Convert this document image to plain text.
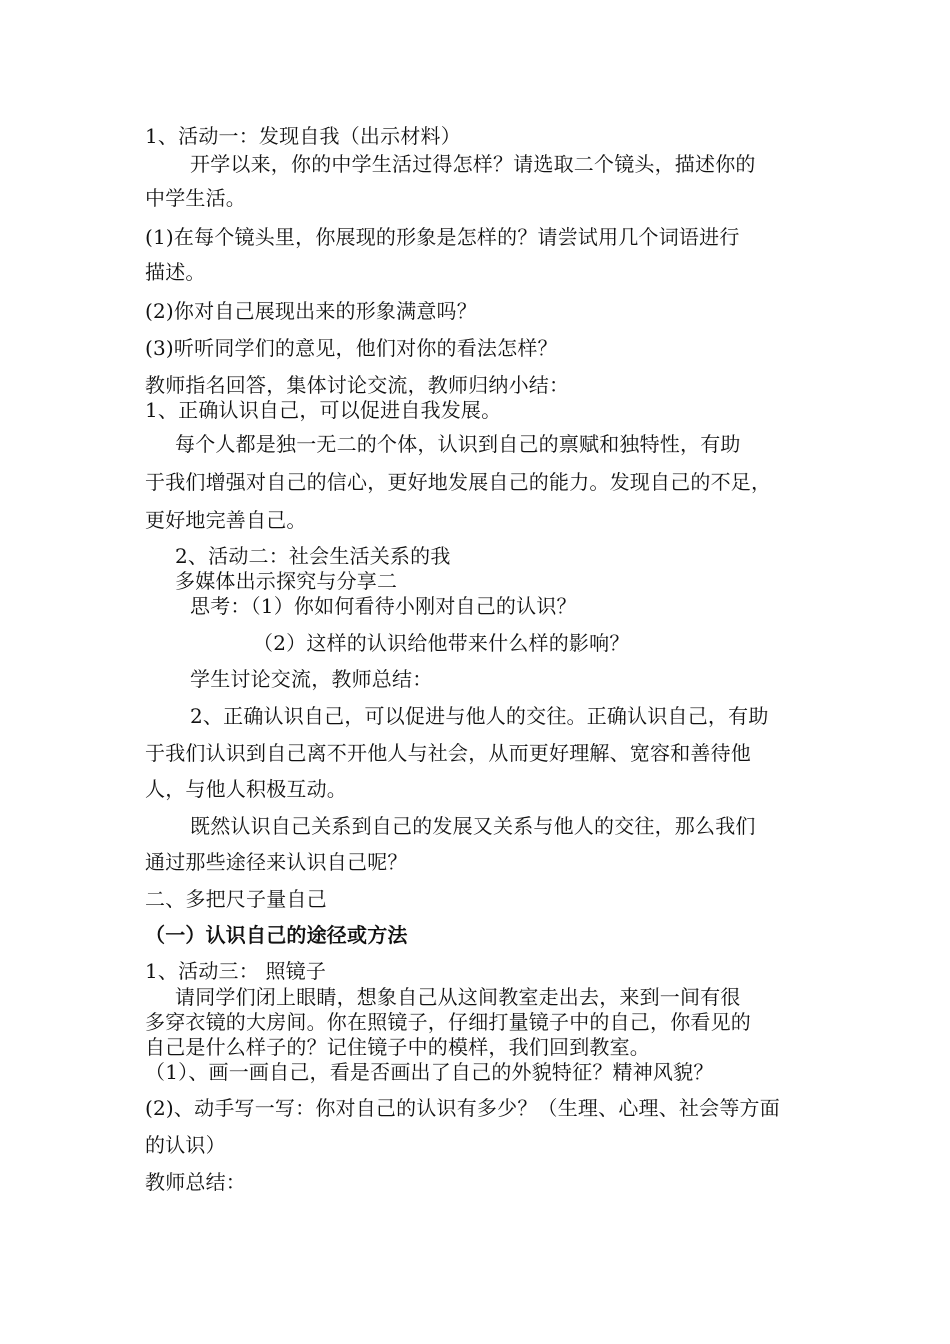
1、活动一：发现自我（出示材料）
开学以来，你的中学生活过得怎样？请选取二个镜头，描述你的
中学生活。
(1)在每个镜头里，你展现的形象是怎样的？请尝试用几个词语进行
描述。
(2)你对自己展现出来的形象满意吗？
(3)听听同学们的意见，他们对你的看法怎样？
教师指名回答，集体讨论交流，教师归纳小结：
1、正确认识自己，可以促进自我发展。
每个人都是独一无二的个体，认识到自己的禀赋和独特性，有助
于我们增强对自己的信心，更好地发展自己的能力。发现自己的不足，
更好地完善自己。
2、活动二：社会生活关系的我
多媒体出示探究与分享二
思考：（1）你如何看待小刚对自己的认识？
（2）这样的认识给他带来什么样的影响？
学生讨论交流，教师总结：
2、正确认识自己，可以促进与他人的交往。正确认识自己，有助
于我们认识到自己离不开他人与社会，从而更好理解、宽容和善待他
人，与他人积极互动。
既然认识自己关系到自己的发展又关系与他人的交往，那么我们
通过那些途径来认识自己呢？
二、多把尺子量自己
（一）认识自己的途径或方法
1、活动三： 照镜子
请同学们闭上眼睛，想象自己从这间教室走出去，来到一间有很
多穿衣镜的大房间。你在照镜子，仔细打量镜子中的自己，你看见的
自己是什么样子的？记住镜子中的模样，我们回到教室。
（1）、画一画自己，看是否画出了自己的外貌特征？精神风貌？
(2)、动手写一写：你对自己的认识有多少？（生理、心理、社会等方面
的认识）
教师总结：
